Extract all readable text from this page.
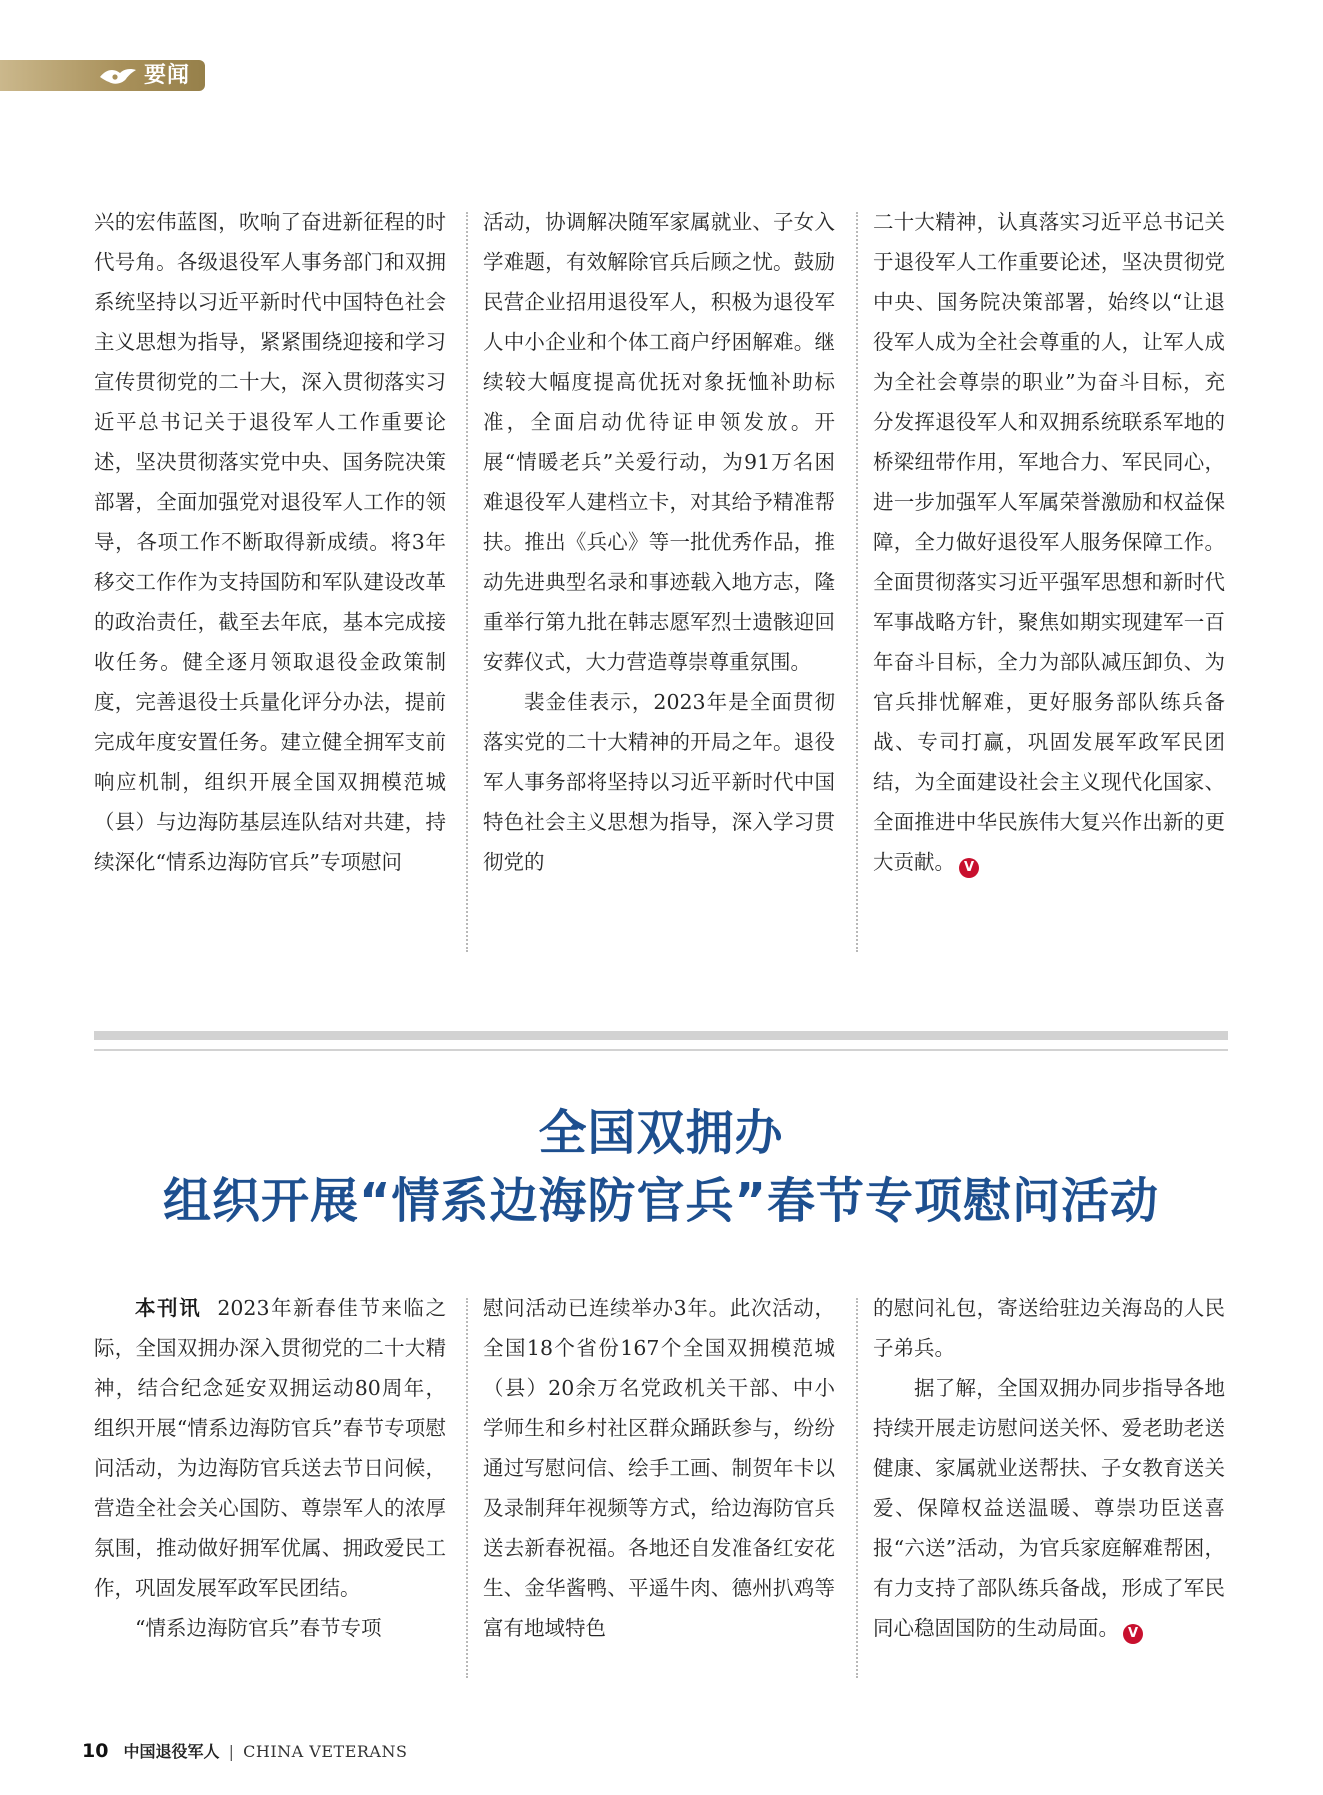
要闻

兴的宏伟蓝图，吹响了奋进新征程的时代号角。各级退役军人事务部门和双拥系统坚持以习近平新时代中国特色社会主义思想为指导，紧紧围绕迎接和学习宣传贯彻党的二十大，深入贯彻落实习近平总书记关于退役军人工作重要论述，坚决贯彻落实党中央、国务院决策部署，全面加强党对退役军人工作的领导，各项工作不断取得新成绩。将3年移交工作作为支持国防和军队建设改革的政治责任，截至去年底，基本完成接收任务。健全逐月领取退役金政策制度，完善退役士兵量化评分办法，提前完成年度安置任务。建立健全拥军支前响应机制，组织开展全国双拥模范城（县）与边海防基层连队结对共建，持续深化“情系边海防官兵”专项慰问

活动，协调解决随军家属就业、子女入学难题，有效解除官兵后顾之忧。鼓励民营企业招用退役军人，积极为退役军人中小企业和个体工商户纾困解难。继续较大幅度提高优抚对象抚恤补助标准，全面启动优待证申领发放。开展“情暖老兵”关爱行动，为91万名困难退役军人建档立卡，对其给予精准帮扶。推出《兵心》等一批优秀作品，推动先进典型名录和事迹载入地方志，隆重举行第九批在韩志愿军烈士遗骸迎回安葬仪式，大力营造尊崇尊重氛围。

裴金佳表示，2023年是全面贯彻落实党的二十大精神的开局之年。退役军人事务部将坚持以习近平新时代中国特色社会主义思想为指导，深入学习贯彻党的

二十大精神，认真落实习近平总书记关于退役军人工作重要论述，坚决贯彻党中央、国务院决策部署，始终以“让退役军人成为全社会尊重的人，让军人成为全社会尊崇的职业”为奋斗目标，充分发挥退役军人和双拥系统联系军地的桥梁纽带作用，军地合力、军民同心，进一步加强军人军属荣誉激励和权益保障，全力做好退役军人服务保障工作。全面贯彻落实习近平强军思想和新时代军事战略方针，聚焦如期实现建军一百年奋斗目标，全力为部队减压卸负、为官兵排忧解难，更好服务部队练兵备战、专司打赢，巩固发展军政军民团结，为全面建设社会主义现代化国家、全面推进中华民族伟大复兴作出新的更大贡献。 V

全国双拥办
组织开展“情系边海防官兵”春节专项慰问活动

本刊讯 2023年新春佳节来临之际，全国双拥办深入贯彻党的二十大精神，结合纪念延安双拥运动80周年，组织开展“情系边海防官兵”春节专项慰问活动，为边海防官兵送去节日问候，营造全社会关心国防、尊崇军人的浓厚氛围，推动做好拥军优属、拥政爱民工作，巩固发展军政军民团结。

“情系边海防官兵”春节专项

慰问活动已连续举办3年。此次活动，全国18个省份167个全国双拥模范城（县）20余万名党政机关干部、中小学师生和乡村社区群众踊跃参与，纷纷通过写慰问信、绘手工画、制贺年卡以及录制拜年视频等方式，给边海防官兵送去新春祝福。各地还自发准备红安花生、金华酱鸭、平遥牛肉、德州扒鸡等富有地域特色

的慰问礼包，寄送给驻边关海岛的人民子弟兵。

据了解，全国双拥办同步指导各地持续开展走访慰问送关怀、爱老助老送健康、家属就业送帮扶、子女教育送关爱、保障权益送温暖、尊崇功臣送喜报“六送”活动，为官兵家庭解难帮困，有力支持了部队练兵备战，形成了军民同心稳固国防的生动局面。 V

10 中国退役军人 | CHINA VETERANS
